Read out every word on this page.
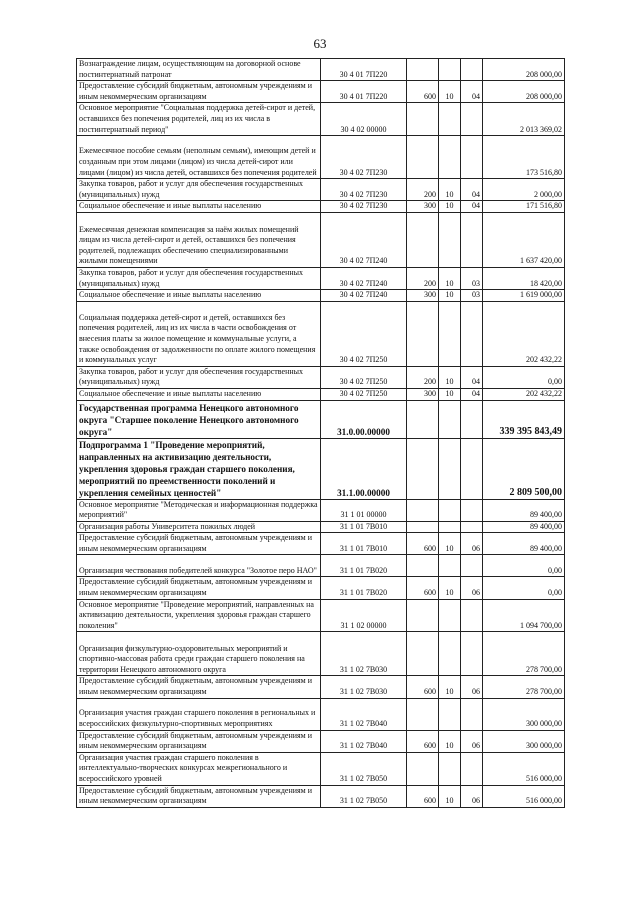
63
Вознаграждение лицам, осуществляющим на договорной основе постинтернатный патронат	30 4 01 7П220				208 000,00
Предоставление субсидий бюджетным, автономным учреждениям и иным некоммерческим организациям	30 4 01 7П220	600	10	04	208 000,00
Основное мероприятие "Социальная поддержка детей-сирот и детей, оставшихся без попечения родителей, лиц из их числа в постинтернатный период"	30 4 02 00000				2 013 369,02
Ежемесячное пособие семьям (неполным семьям), имеющим детей и созданным при этом лицами (лицом) из числа детей-сирот или лицами (лицом) из числа детей, оставшихся без попечения родителей	30 4 02 7П230				173 516,80
Закупка товаров, работ и услуг для обеспечения государственных (муниципальных) нужд	30 4 02 7П230	200	10	04	2 000,00
Социальное обеспечение и иные выплаты населению	30 4 02 7П230	300	10	04	171 516,80
Ежемесячная денежная компенсация за наём жилых помещений лицам из числа детей-сирот и детей, оставшихся без попечения родителей, подлежащих обеспечению специализированными жилыми помещениями	30 4 02 7П240				1 637 420,00
Закупка товаров, работ и услуг для обеспечения государственных (муниципальных) нужд	30 4 02 7П240	200	10	03	18 420,00
Социальное обеспечение и иные выплаты населению	30 4 02 7П240	300	10	03	1 619 000,00
Социальная поддержка детей-сирот и детей, оставшихся без попечения родителей, лиц из их числа в части освобождения от внесения платы за жилое помещение и коммунальные услуги, а также освобождения от задолженности по оплате жилого помещения и коммунальных услуг	30 4 02 7П250				202 432,22
Закупка товаров, работ и услуг для обеспечения государственных (муниципальных) нужд	30 4 02 7П250	200	10	04	0,00
Социальное обеспечение и иные выплаты населению	30 4 02 7П250	300	10	04	202 432,22
Государственная программа Ненецкого автономного округа "Старшее поколение Ненецкого автономного округа"	31.0.00.00000				339 395 843,49
Подпрограмма 1 "Проведение мероприятий, направленных на активизацию деятельности, укрепления здоровья граждан старшего поколения, мероприятий по преемственности поколений и укрепления семейных ценностей"	31.1.00.00000				2 809 500,00
Основное мероприятие "Методическая и информационная поддержка мероприятий"	31 1 01 00000				89 400,00
Организация работы Университета пожилых людей	31 1 01 7В010				89 400,00
Предоставление субсидий бюджетным, автономным учреждениям и иным некоммерческим организациям	31 1 01 7В010	600	10	06	89 400,00
Организация чествования победителей конкурса "Золотое перо НАО"	31 1 01 7В020				0,00
Предоставление субсидий бюджетным, автономным учреждениям и иным некоммерческим организациям	31 1 01 7В020	600	10	06	0,00
Основное мероприятие "Проведение мероприятий, направленных на активизацию деятельности, укрепления здоровья граждан старшего поколения"	31 1 02 00000				1 094 700,00
Организация физкультурно-оздоровительных мероприятий и спортивно-массовая работа среди граждан старшего поколения на территории Ненецкого автономного округа	31 1 02 7В030				278 700,00
Предоставление субсидий бюджетным, автономным учреждениям и иным некоммерческим организациям	31 1 02 7В030	600	10	06	278 700,00
Организация участия граждан старшего поколения в региональных и всероссийских физкультурно-спортивных мероприятиях	31 1 02 7В040				300 000,00
Предоставление субсидий бюджетным, автономным учреждениям и иным некоммерческим организациям	31 1 02 7В040	600	10	06	300 000,00
Организация участия граждан старшего поколения в интеллектуально-творческих конкурсах межрегионального и всероссийского уровней	31 1 02 7В050				516 000,00
Предоставление субсидий бюджетным, автономным учреждениям и иным некоммерческим организациям	31 1 02 7В050	600	10	06	516 000,00
